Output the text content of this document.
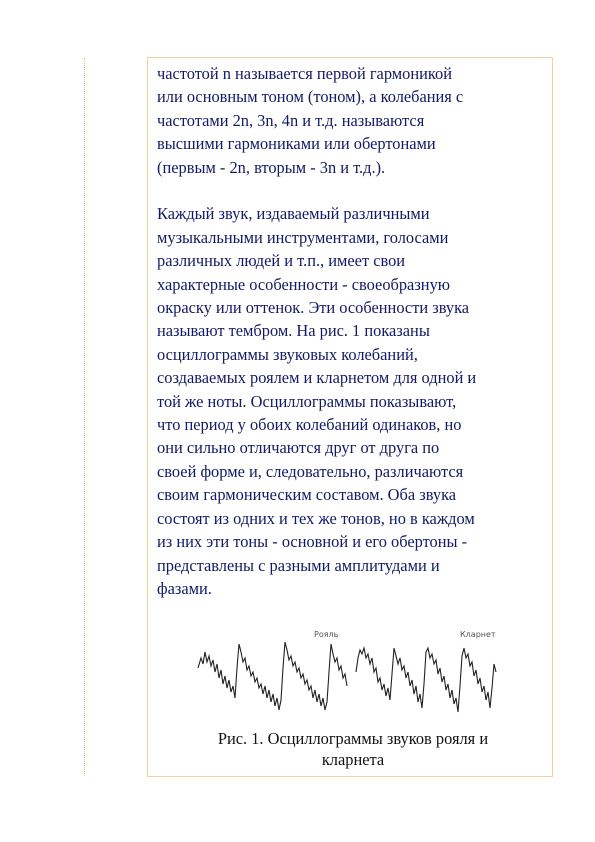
частотой n называется первой гармоникой
или основным тоном (тоном), а колебания с
частотами 2n, 3n, 4n и т.д. называются
высшими гармониками или обертонами
(первым - 2n, вторым - 3n и т.д.).

Каждый звук, издаваемый различными
музыкальными инструментами, голосами
различных людей и т.п., имеет свои
характерные особенности - своеобразную
окраску или оттенок. Эти особенности звука
называют тембром. На рис. 1 показаны
осциллограммы звуковых колебаний,
создаваемых роялем и кларнетом для одной и
той же ноты. Осциллограммы показывают,
что период у обоих колебаний одинаков, но
они сильно отличаются друг от друга по
своей форме и, следовательно, различаются
своим гармоническим составом. Оба звука
состоят из одних и тех же тонов, но в каждом
из них эти тоны - основной и его обертоны -
представлены с разными амплитудами и
фазами.

Рояль	Кларнет
Рис. 1. Осциллограммы звуков рояля и
кларнета
